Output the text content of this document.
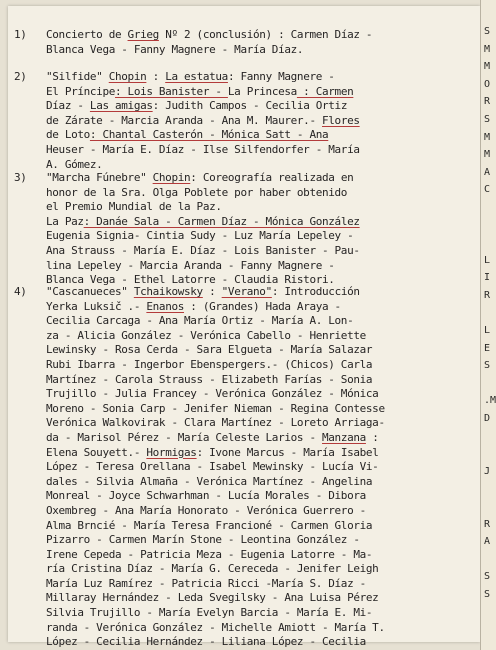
1) Concierto de Grieg Nº 2 (conclusión) : Carmen Díaz -
Blanca Vega - Fanny Magnere - María Díaz.
2) "Silfide" Chopin : La estatua: Fanny Magnere -
El Príncipe: Lois Banister - La Princesa : Carmen
Díaz - Las amigas: Judith Campos - Cecilia Ortiz
de Zárate - Marcia Aranda - Ana M. Maurer.- Flores
de Loto: Chantal Casterón - Mónica Satt - Ana
Heuser - María E. Díaz - Ilse Silfendorfer - María
A. Gómez.
3) "Marcha Fúnebre" Chopin: Coreografía realizada en
honor de la Sra. Olga Poblete por haber obtenido
el Premio Mundial de la Paz.
La Paz: Danáe Sala - Carmen Díaz - Mónica González
Eugenia Signia- Cintia Sudy - Luz María Lepeley -
Ana Strauss - María E. Díaz - Lois Banister - Pau-
lina Lepeley - Marcia Aranda - Fanny Magnere -
Blanca Vega - Ethel Latorre - Claudia Ristori.
4) "Cascanueces" Tchaikowsky : "Verano": Introducción
Yerka Luksič .- Enanos : (Grandes) Hada Araya -
Cecilia Carcaga - Ana María Ortiz - María A. Lon-
za - Alicia González - Verónica Cabello - Henriette
Lewinsky - Rosa Cerda - Sara Elgueta - María Salazar
Rubi Ibarra - Ingerbor Ebenspergers.- (Chicos) Carla
Martínez - Carola Strauss - Elizabeth Farías - Sonia
Trujillo - Julia Francey - Verónica González - Mónica
Moreno - Sonia Carp - Jenifer Nieman - Regina Contesse
Verónica Walkovirak - Clara Martínez - Loreto Arriaga-
da - Marisol Pérez - María Celeste Larios - Manzana :
Elena Souyett.- Hormigas: Ivone Marcus - María Isabel
López - Teresa Orellana - Isabel Mewinsky - Lucía Vi-
dales - Silvia Almaña - Verónica Martínez - Angelina
Monreal - Joyce Schwarhman - Lucía Morales - Dibora
Oxembreg - Ana María Honorato - Verónica Guerrero -
Alma Brncié - María Teresa Francioné - Carmen Gloria
Pizarro - Carmen Marín Stone - Leontina González -
Irene Cepeda - Patricia Meza - Eugenia Latorre - Ma-
ría Cristina Díaz - María G. Cereceda - Jenifer Leigh
María Luz Ramírez - Patricia Ricci -María S. Díaz -
Millaray Hernández - Leda Svegilsky - Ana Luisa Pérez
Silvia Trujillo - María Evelyn Barcia - María E. Mi-
randa - Verónica González - Michelle Amiott - María T.
López - Cecilia Hernández - Liliana López - Cecilia
S
M
M
O
R
S
M
M
A
C
L
I
R
L
E
S
.M
D
J
R
A
S
S
